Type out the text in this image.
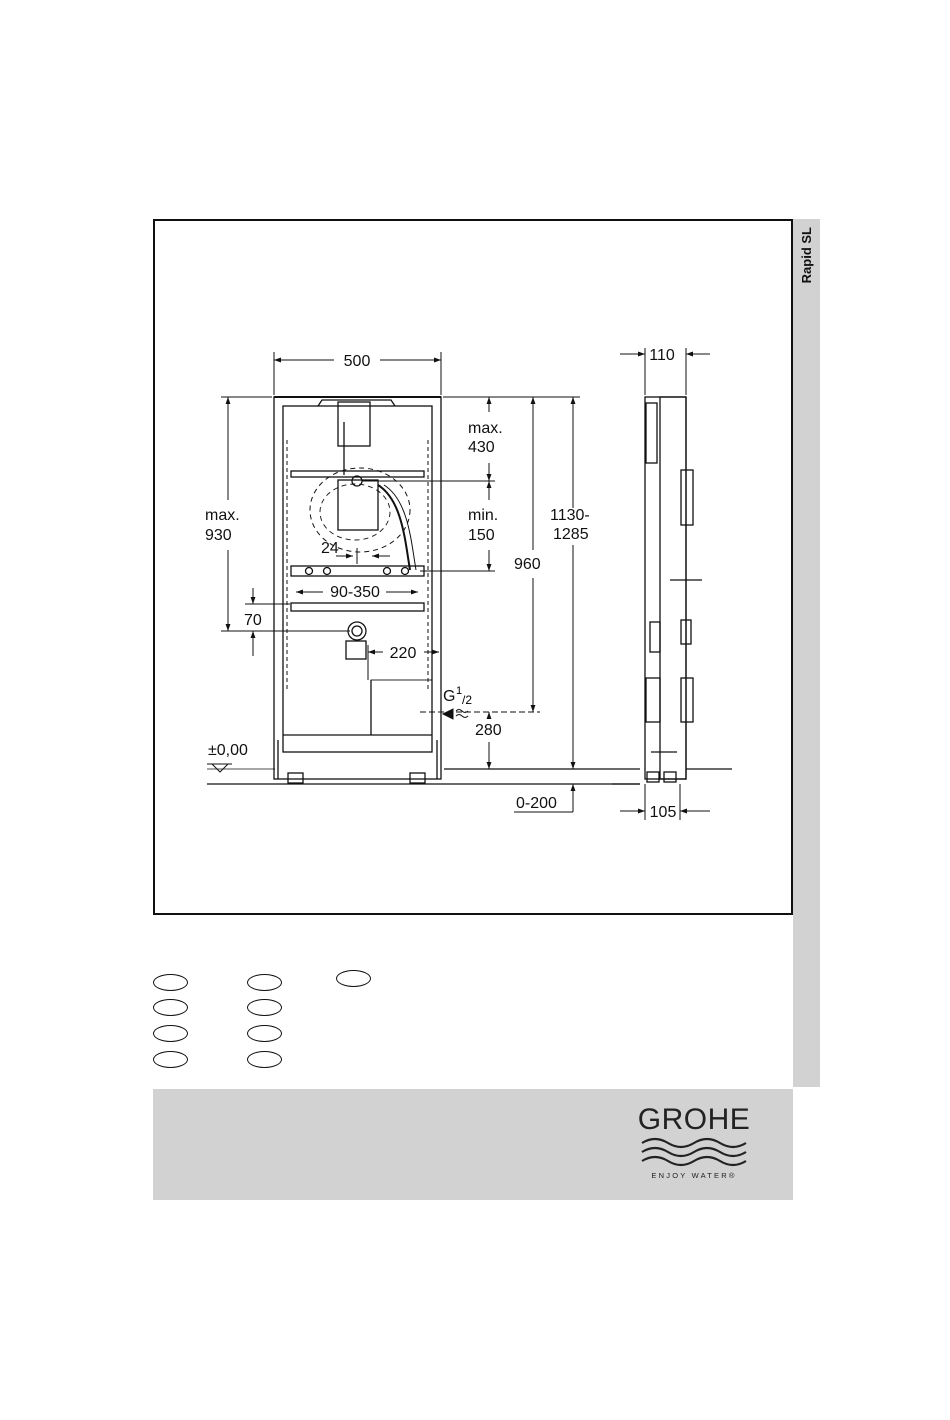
Rapid SL
500
max.
430
max.
930
min.
150
24
90-350
70
220
960
1130-
1285
G 1
/2
280
±0,00
0-200
110
105
GROHE
ENJOY WATER®
